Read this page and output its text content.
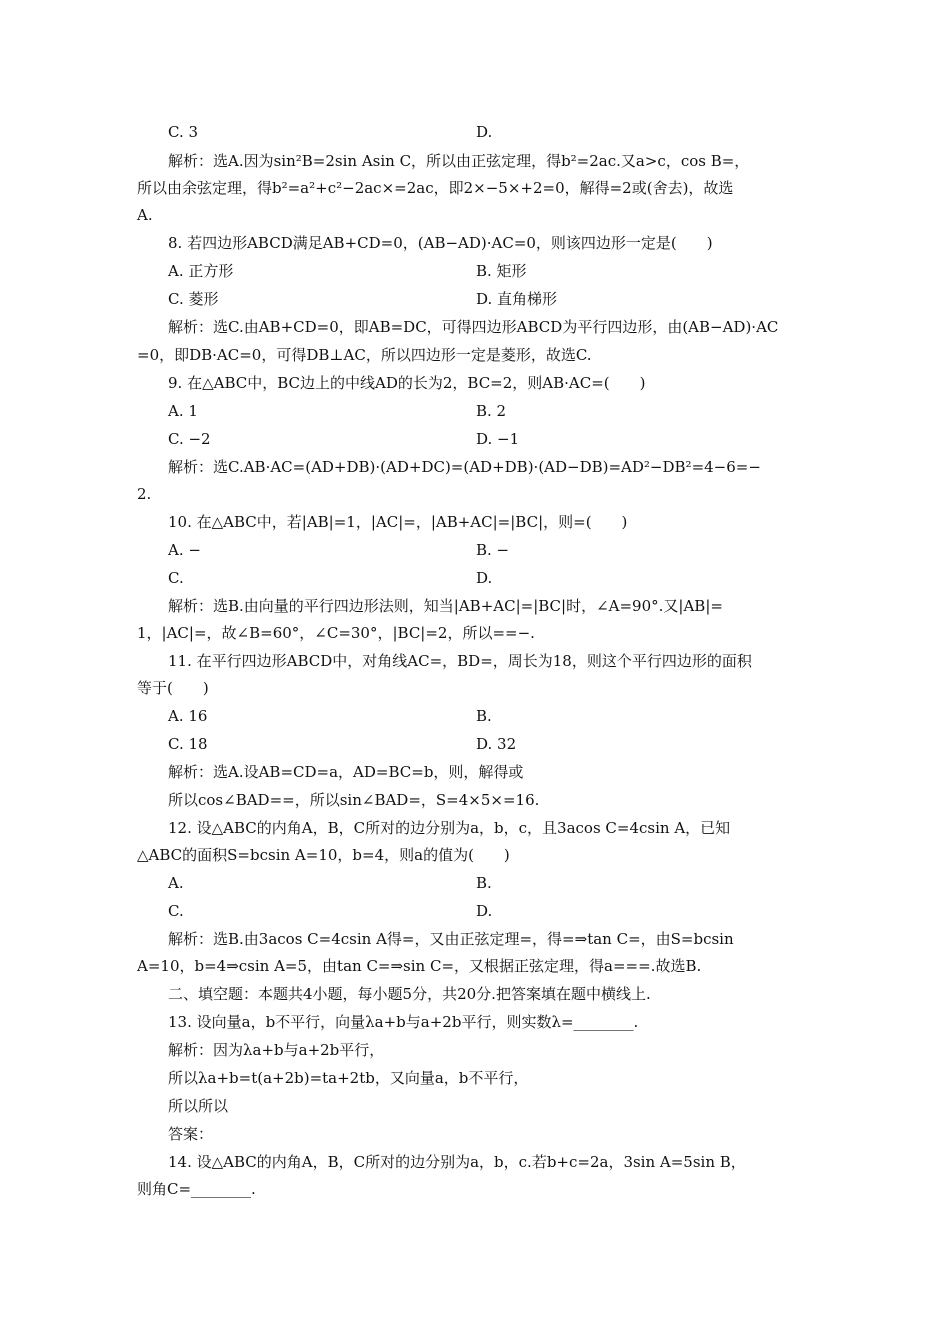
C. 3	D.
解析：选A.因为sin²B=2sin Asin C，所以由正弦定理，得b²=2ac.又a>c，cos B=，
所以由余弦定理，得b²=a²+c²−2ac×=2ac，即2×−5×+2=0，解得=2或(舍去)，故选
A.
8. 若四边形ABCD满足AB+CD=0，(AB−AD)·AC=0，则该四边形一定是(　　)
A. 正方形	B. 矩形
C. 菱形	D. 直角梯形
解析：选C.由AB+CD=0，即AB=DC，可得四边形ABCD为平行四边形，由(AB−AD)·AC
=0，即DB·AC=0，可得DB⊥AC，所以四边形一定是菱形，故选C.
9. 在△ABC中，BC边上的中线AD的长为2，BC=2，则AB·AC=(　　)
A. 1	B. 2
C. −2	D. −1
解析：选C.AB·AC=(AD+DB)·(AD+DC)=(AD+DB)·(AD−DB)=AD²−DB²=4−6=−
2.
10. 在△ABC中，若|AB|=1，|AC|=，|AB+AC|=|BC|，则=(　　)
A. −	B. −
C.	D.
解析：选B.由向量的平行四边形法则，知当|AB+AC|=|BC|时，∠A=90°.又|AB|=
1，|AC|=，故∠B=60°，∠C=30°，|BC|=2，所以==−.
11. 在平行四边形ABCD中，对角线AC=，BD=，周长为18，则这个平行四边形的面积
等于(　　)
A. 16	B.
C. 18	D. 32
解析：选A.设AB=CD=a，AD=BC=b，则，解得或
所以cos∠BAD==，所以sin∠BAD=，S=4×5×=16.
12. 设△ABC的内角A，B，C所对的边分别为a，b，c，且3acos C=4csin A，已知
△ABC的面积S=bcsin A=10，b=4，则a的值为(　　)
A.	B.
C.	D.
解析：选B.由3acos C=4csin A得=，又由正弦定理=，得=⇒tan C=，由S=bcsin
A=10，b=4⇒csin A=5，由tan C=⇒sin C=，又根据正弦定理，得a===.故选B.
二、填空题：本题共4小题，每小题5分，共20分.把答案填在题中横线上.
13. 设向量a，b不平行，向量λa+b与a+2b平行，则实数λ=________.
解析：因为λa+b与a+2b平行，
所以λa+b=t(a+2b)=ta+2tb，又向量a，b不平行，
所以所以
答案：
14. 设△ABC的内角A，B，C所对的边分别为a，b，c.若b+c=2a，3sin A=5sin B，
则角C=________.
